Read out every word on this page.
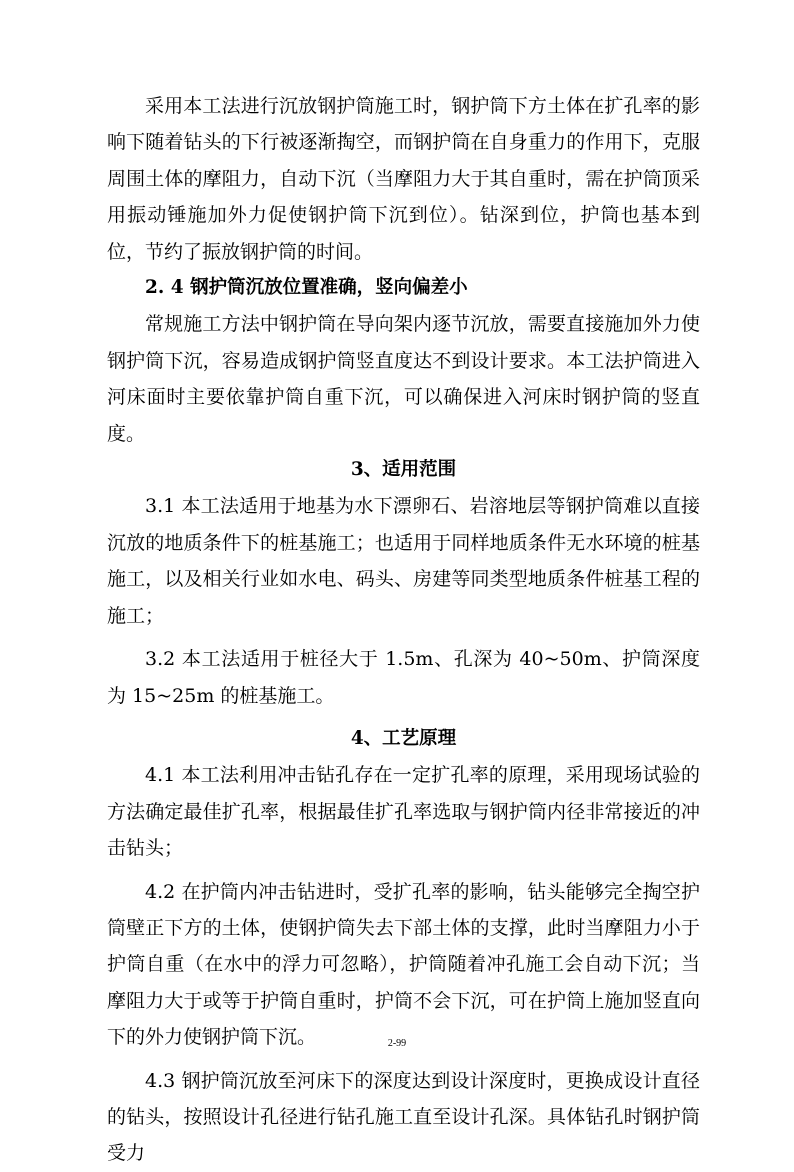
采用本工法进行沉放钢护筒施工时，钢护筒下方土体在扩孔率的影响下随着钻头的下行被逐渐掏空，而钢护筒在自身重力的作用下，克服周围土体的摩阻力，自动下沉（当摩阻力大于其自重时，需在护筒顶采用振动锤施加外力促使钢护筒下沉到位）。钻深到位，护筒也基本到位，节约了振放钢护筒的时间。

2. 4 钢护筒沉放位置准确，竖向偏差小

常规施工方法中钢护筒在导向架内逐节沉放，需要直接施加外力使钢护筒下沉，容易造成钢护筒竖直度达不到设计要求。本工法护筒进入河床面时主要依靠护筒自重下沉，可以确保进入河床时钢护筒的竖直度。

3、适用范围

3.1 本工法适用于地基为水下漂卵石、岩溶地层等钢护筒难以直接沉放的地质条件下的桩基施工；也适用于同样地质条件无水环境的桩基施工，以及相关行业如水电、码头、房建等同类型地质条件桩基工程的施工；

3.2 本工法适用于桩径大于 1.5m、孔深为 40~50m、护筒深度为 15~25m 的桩基施工。

4、工艺原理

4.1 本工法利用冲击钻孔存在一定扩孔率的原理，采用现场试验的方法确定最佳扩孔率，根据最佳扩孔率选取与钢护筒内径非常接近的冲击钻头；

4.2 在护筒内冲击钻进时，受扩孔率的影响，钻头能够完全掏空护筒壁正下方的土体，使钢护筒失去下部土体的支撑，此时当摩阻力小于护筒自重（在水中的浮力可忽略），护筒随着冲孔施工会自动下沉；当摩阻力大于或等于护筒自重时，护筒不会下沉，可在护筒上施加竖直向下的外力使钢护筒下沉。

4.3 钢护筒沉放至河床下的深度达到设计深度时，更换成设计直径的钻头，按照设计孔径进行钻孔施工直至设计孔深。具体钻孔时钢护筒受力

2-99
